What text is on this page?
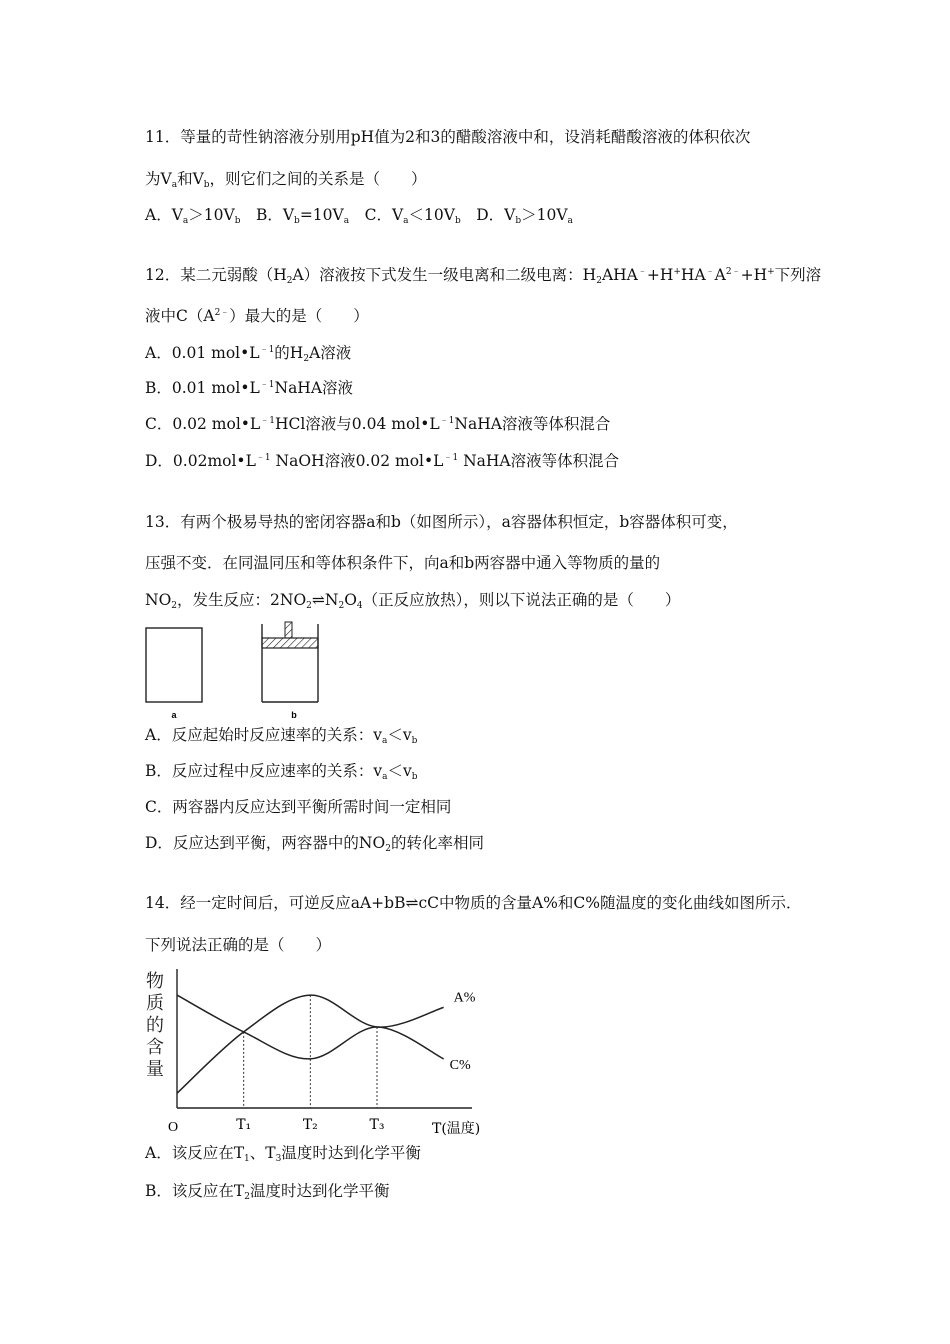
11．等量的苛性钠溶液分别用pH值为2和3的醋酸溶液中和，设消耗醋酸溶液的体积依次
为$V_a$和$V_b$，则它们之间的关系是（　　）
A．$V_a>10V_b$　B．$V_b=10V_a$　C．$V_a<10V_b$　D．$V_b>10V_a$
12．某二元弱酸$(H_2A)$溶液按下式发生一级电离和二级电离：$H_2AHA^﹣+H^+HA^﹣A^{2﹣}+H^+$下列溶
液中$C(A^{2﹣})$最大的是（　　）
A．0.01 $mol•L^{﹣1}$的$H_2A$溶液
B．0.01 $mol•L^{﹣1}NaHA$溶液
C．0.02 $mol•L^{﹣1}HCl$溶液与0.04 $mol•L^{﹣1}NaHA$溶液等体积混合
D．$0.02mol•L^{﹣1}$ NaOH溶液0.02 $mol•L^{﹣1}$ NaHA溶液等体积混合
13．有两个极易导热的密闭容器a和b（如图所示），a容器体积恒定，b容器体积可变，
压强不变．在同温同压和等体积条件下，向a和b两容器中通入等物质的量的
$NO_2$，发生反应：$2NO_2\rightleftharpoons N_2O_4$（正反应放热），则以下说法正确的是（　　）
a	b
A．反应起始时反应速率的关系：$v_a<v_b$
B．反应过程中反应速率的关系：$v_a<v_b$
C．两容器内反应达到平衡所需时间一定相同
D．反应达到平衡，两容器中的$NO_2$的转化率相同
14．经一定时间后，可逆反应aA+bB⇌cC中物质的含量A%和C%随温度的变化曲线如图所示．
下列说法正确的是（　　）
物
质
的
含
量
O	T(温度)
T₁	T₂	T₃
A%
C%
A．该反应在$T_1$、$T_3$温度时达到化学平衡
B．该反应在$T_2$温度时达到化学平衡
